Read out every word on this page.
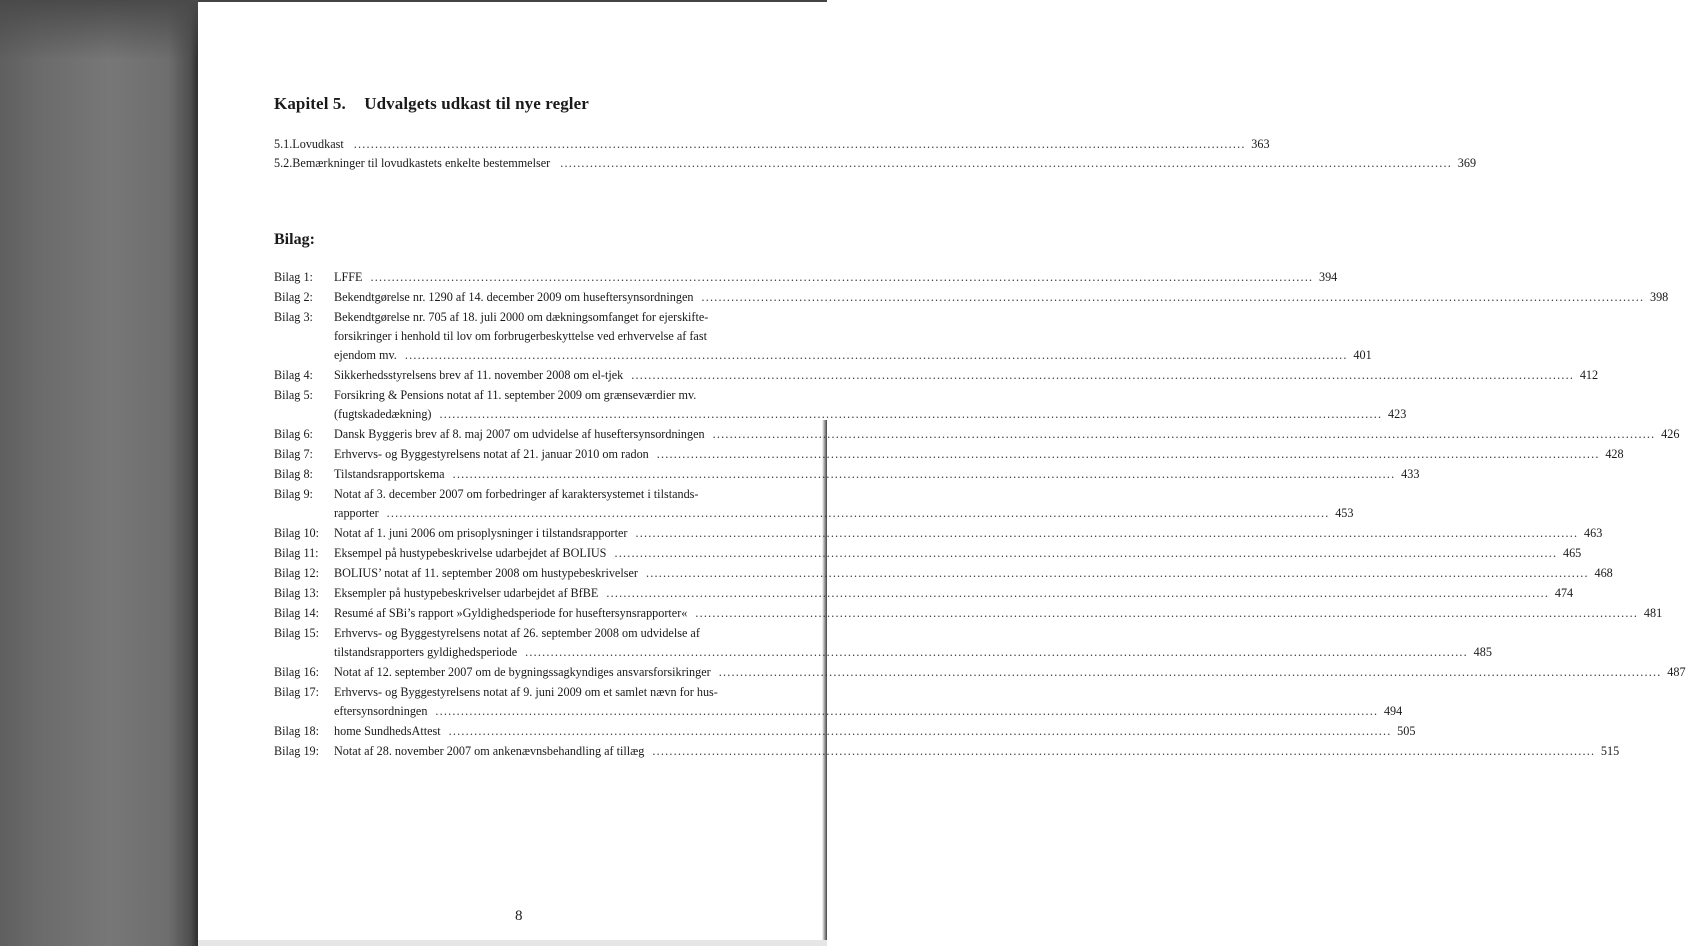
Kapitel 5. Udvalgets udkast til nye regler
5.1. Lovudkast .....	363
5.2. Bemærkninger til lovudkastets enkelte bestemmelser .....	369
Bilag:
Bilag 1:	LFFE .....	394
Bilag 2:	Bekendtgørelse nr. 1290 af 14. december 2009 om huseftersynsordningen .....	398
Bilag 3:	Bekendtgørelse nr. 705 af 18. juli 2000 om dækningsomfanget for ejerskifte-
forsikringer i henhold til lov om forbrugerbeskyttelse ved erhvervelse af fast
ejendom mv. .....	401
Bilag 4:	Sikkerhedsstyrelsens brev af 11. november 2008 om el-tjek .....	412
Bilag 5:	Forsikring & Pensions notat af 11. september 2009 om grænseværdier mv.
(fugtskadedækning) .....	423
Bilag 6:	Dansk Byggeris brev af 8. maj 2007 om udvidelse af huseftersynsordningen .....	426
Bilag 7:	Erhvervs- og Byggestyrelsens notat af 21. januar 2010 om radon .....	428
Bilag 8:	Tilstandsrapportskema .....	433
Bilag 9:	Notat af 3. december 2007 om forbedringer af karaktersystemet i tilstands-
rapporter .....	453
Bilag 10:	Notat af 1. juni 2006 om prisoplysninger i tilstandsrapporter .....	463
Bilag 11:	Eksempel på hustypebeskrivelse udarbejdet af BOLIUS .....	465
Bilag 12:	BOLIUS’ notat af 11. september 2008 om hustypebeskrivelser .....	468
Bilag 13:	Eksempler på hustypebeskrivelser udarbejdet af BfBE .....	474
Bilag 14:	Resumé af SBi’s rapport »Gyldighedsperiode for huseftersynsrapporter« .....	481
Bilag 15:	Erhvervs- og Byggestyrelsens notat af 26. september 2008 om udvidelse af
tilstandsrapporters gyldighedsperiode .....	485
Bilag 16:	Notat af 12. september 2007 om de bygningssagkyndiges ansvarsforsikringer .....	487
Bilag 17:	Erhvervs- og Byggestyrelsens notat af 9. juni 2009 om et samlet nævn for hus-
eftersynsordningen .....	494
Bilag 18:	home SundhedsAttest .....	505
Bilag 19:	Notat af 28. november 2007 om ankenævnsbehandling af tillæg .....	515
8
